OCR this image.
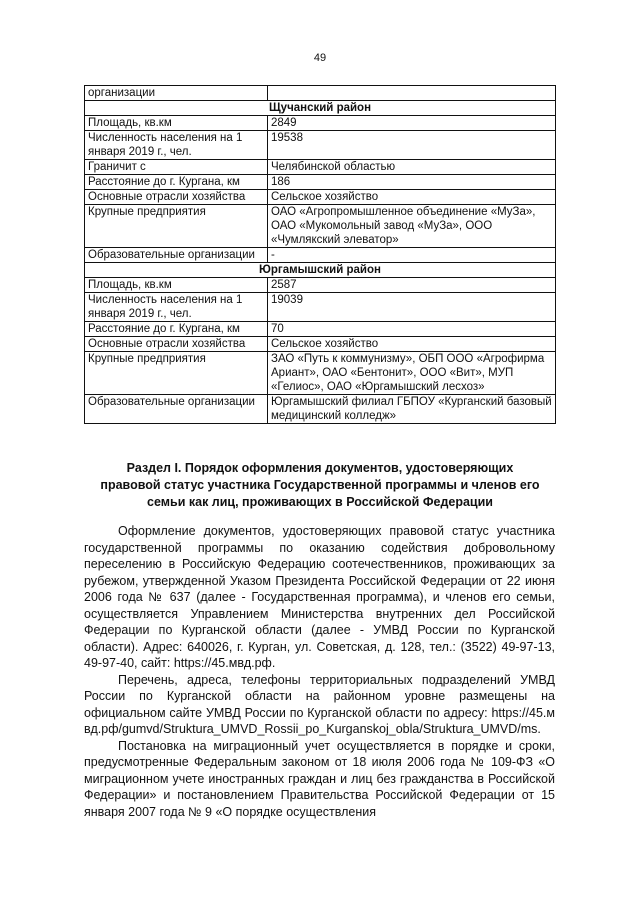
49
организации	
Щучанский район	
Площадь, кв.км	2849
Численность населения на 1 января 2019 г., чел.	19538
Граничит с	Челябинской областью
Расстояние до г. Кургана, км	186
Основные отрасли хозяйства	Сельское хозяйство
Крупные предприятия	ОАО «Агропромышленное объединение «МуЗа», ОАО «Мукомольный завод «МуЗа», ООО «Чумлякский элеватор»
Образовательные организации	-
Юргамышский район	
Площадь, кв.км	2587
Численность населения на 1 января 2019 г., чел.	19039
Расстояние до г. Кургана, км	70
Основные отрасли хозяйства	Сельское хозяйство
Крупные предприятия	ЗАО «Путь к коммунизму», ОБП ООО «Агрофирма Ариант», ОАО «Бентонит», ООО «Вит», МУП «Гелиос», ОАО «Юргамышский лесхоз»
Образовательные организации	Юргамышский филиал ГБПОУ «Курганский базовый медицинский колледж»
Раздел I. Порядок оформления документов, удостоверяющих правовой статус участника Государственной программы и членов его семьи как лиц, проживающих в Российской Федерации

Оформление документов, удостоверяющих правовой статус участника государственной программы по оказанию содействия добровольному переселению в Российскую Федерацию соотечественников, проживающих за рубежом, утвержденной Указом Президента Российской Федерации от 22 июня 2006 года № 637 (далее - Государственная программа), и членов его семьи, осуществляется Управлением Министерства внутренних дел Российской Федерации по Курганской области (далее - УМВД России по Курганской области). Адрес: 640026, г. Курган, ул. Советская, д. 128, тел.: (3522) 49-97-13, 49-97-40, сайт: https://45.мвд.рф.

Перечень, адреса, телефоны территориальных подразделений УМВД России по Курганской области на районном уровне размещены на официальном сайте УМВД России по Курганской области по адресу: https://45.мвд.рф/gumvd/Struktura_UMVD_Rossii_po_Kurganskoj_obla/Struktura_UMVD/ms.

Постановка на миграционный учет осуществляется в порядке и сроки, предусмотренные Федеральным законом от 18 июля 2006 года № 109-ФЗ «О миграционном учете иностранных граждан и лиц без гражданства в Российской Федерации» и постановлением Правительства Российской Федерации от 15 января 2007 года № 9 «О порядке осуществления
